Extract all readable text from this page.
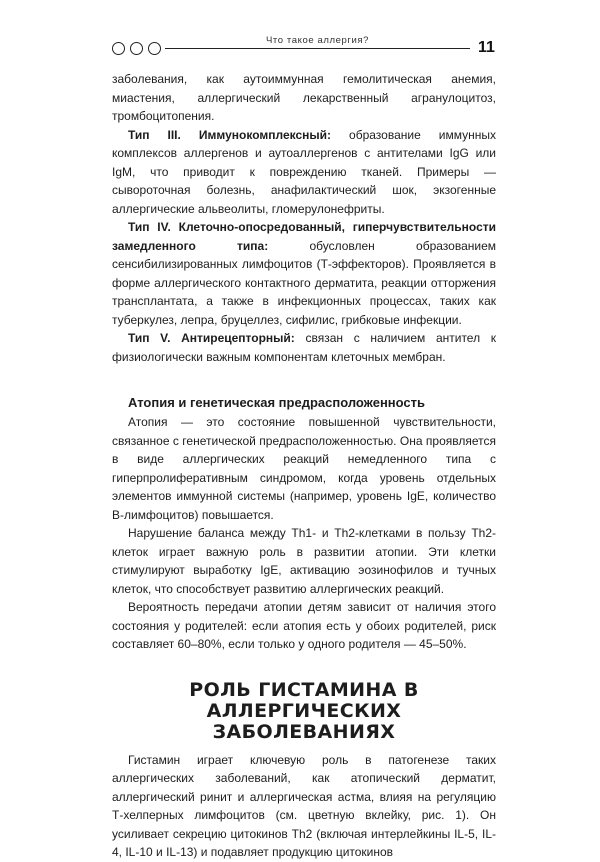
Что такое аллергия?	11

заболевания, как аутоиммунная гемолитическая анемия, миастения, аллергический лекарственный агранулоцитоз, тромбоцитопения.

Тип III. Иммунокомплексный: образование иммунных комплексов аллергенов и аутоаллергенов с антителами IgG или IgM, что приводит к повреждению тканей. Примеры — сывороточная болезнь, анафилактический шок, экзогенные аллергические альвеолиты, гломерулонефриты.

Тип IV. Клеточно-опосредованный, гиперчувствительности замедленного типа: обусловлен образованием сенсибилизированных лимфоцитов (Т-эффекторов). Проявляется в форме аллергического контактного дерматита, реакции отторжения трансплантата, а также в инфекционных процессах, таких как туберкулез, лепра, бруцеллез, сифилис, грибковые инфекции.

Тип V. Антирецепторный: связан с наличием антител к физиологически важным компонентам клеточных мембран.

Атопия и генетическая предрасположенность

Атопия — это состояние повышенной чувствительности, связанное с генетической предрасположенностью. Она проявляется в виде аллергических реакций немедленного типа с гиперпролиферативным синдромом, когда уровень отдельных элементов иммунной системы (например, уровень IgE, количество В-лимфоцитов) повышается.

Нарушение баланса между Th1- и Th2-клетками в пользу Th2-клеток играет важную роль в развитии атопии. Эти клетки стимулируют выработку IgE, активацию эозинофилов и тучных клеток, что способствует развитию аллергических реакций.

Вероятность передачи атопии детям зависит от наличия этого состояния у родителей: если атопия есть у обоих родителей, риск составляет 60–80%, если только у одного родителя — 45–50%.

РОЛЬ ГИСТАМИНА В АЛЛЕРГИЧЕСКИХ
ЗАБОЛЕВАНИЯХ

Гистамин играет ключевую роль в патогенезе таких аллергических заболеваний, как атопический дерматит, аллергический ринит и аллергическая астма, влияя на регуляцию Т-хелперных лимфоцитов (см. цветную вклейку, рис. 1). Он усиливает секрецию цитокинов Th2 (включая интерлейкины IL-5, IL-4, IL-10 и IL-13) и подавляет продукцию цитокинов
